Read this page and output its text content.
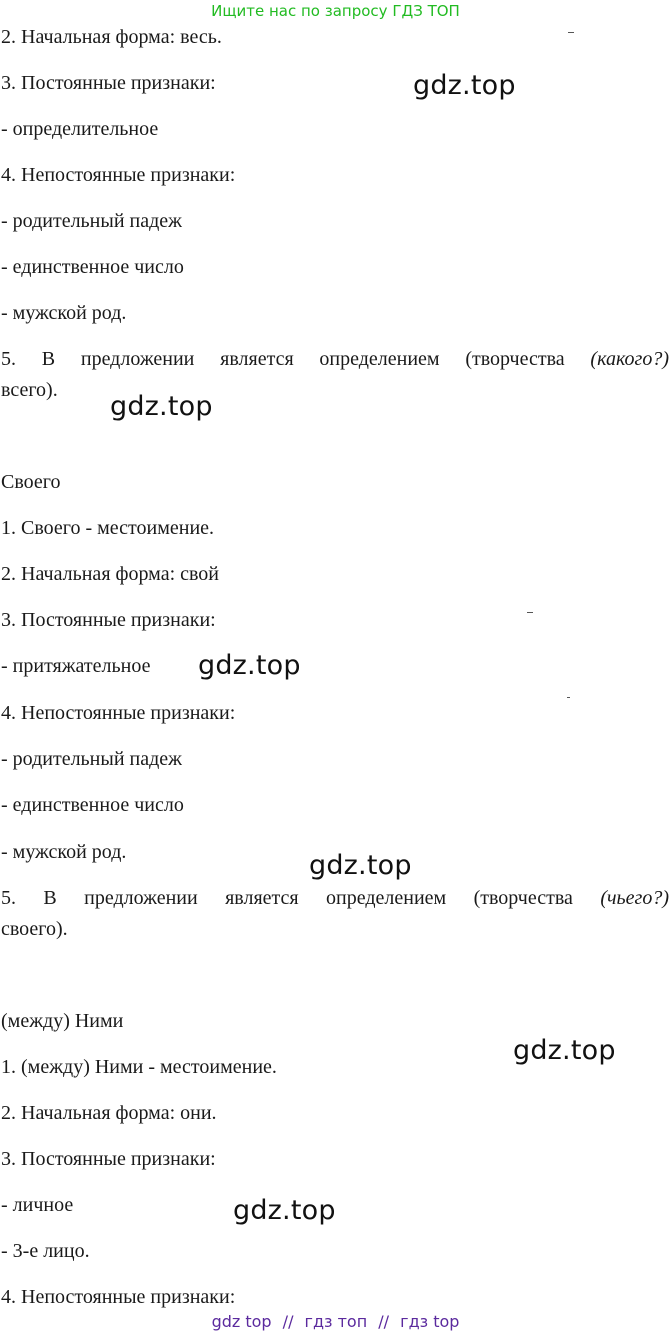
Ищите нас по запросу ГДЗ ТОП
2. Начальная форма: весь.
3. Постоянные признаки:
- определительное
4. Непостоянные признаки:
- родительный падеж
- единственное число
- мужской род.
5. В предложении является определением (творчества (какого?)
всего).
gdz.top
gdz.top
Своего
1. Своего - местоимение.
2. Начальная форма: свой
3. Постоянные признаки:
- притяжательное
4. Непостоянные признаки:
- родительный падеж
- единственное число
- мужской род.
5. В предложении является определением (творчества (чьего?)
своего).
gdz.top
gdz.top
(между) Ними
1. (между) Ними - местоимение.
2. Начальная форма: они.
3. Постоянные признаки:
- личное
- 3-е лицо.
4. Непостоянные признаки:
gdz.top
gdz.top
gdz top // гдз топ // гдз top
